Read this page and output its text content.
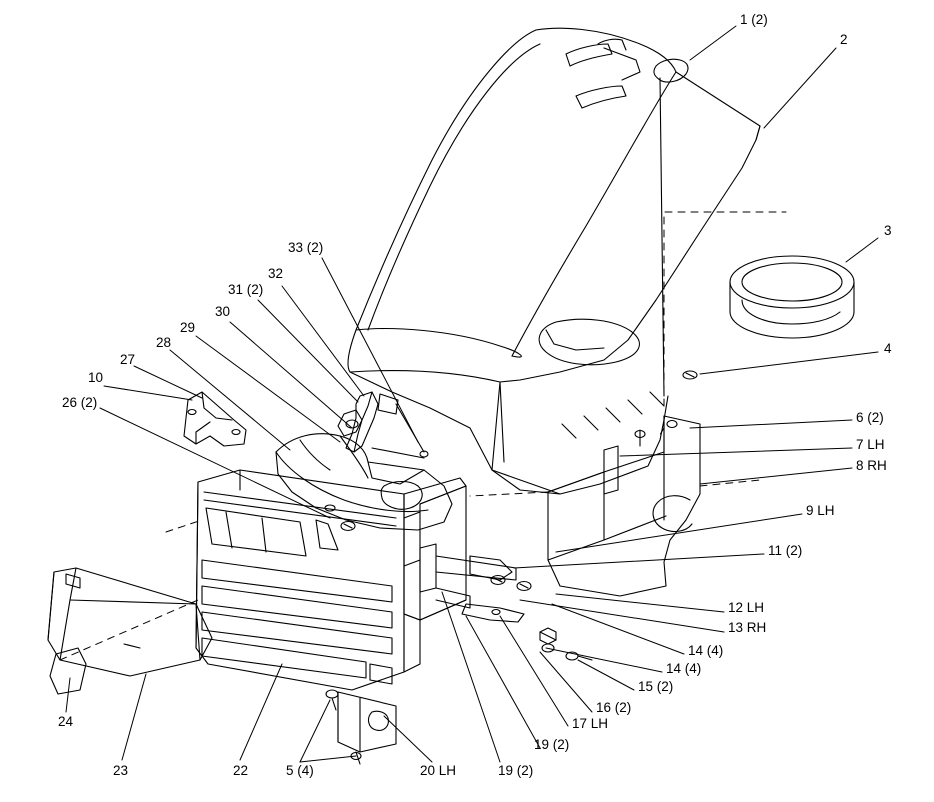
1 (2)
2
3
4
6 (2)
7 LH
8 RH
9 LH
11 (2)
12 LH
13 RH
14 (4)
14 (4)
15 (2)
16 (2)
17 LH
19 (2)
19 (2)
20 LH
5 (4)
22
23
24
26 (2)
10
27
28
29
30
31 (2)
32
33 (2)
